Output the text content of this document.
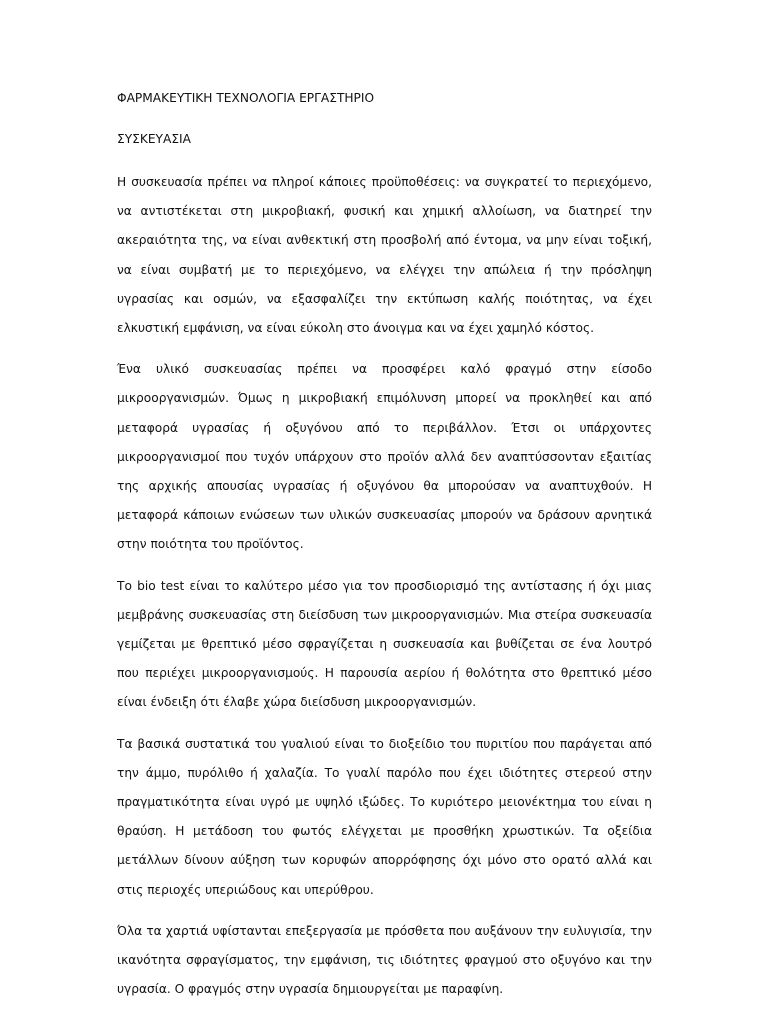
ΦΑΡΜΑΚΕΥΤΙΚΗ ΤΕΧΝΟΛΟΓΙΑ ΕΡΓΑΣΤΗΡΙΟ
ΣΥΣΚΕΥΑΣΙΑ

Η συσκευασία πρέπει να πληροί κάποιες προϋποθέσεις: να συγκρατεί το περιεχόμενο, να αντιστέκεται στη μικροβιακή, φυσική και χημική αλλοίωση, να διατηρεί την ακεραιότητα της, να είναι ανθεκτική στη προσβολή από έντομα, να μην είναι τοξική, να είναι συμβατή με το περιεχόμενο, να ελέγχει την απώλεια ή την πρόσληψη υγρασίας και οσμών, να εξασφαλίζει την εκτύπωση καλής ποιότητας, να έχει ελκυστική εμφάνιση, να είναι εύκολη στο άνοιγμα και να έχει χαμηλό κόστος.

Ένα υλικό συσκευασίας πρέπει να προσφέρει καλό φραγμό στην είσοδο μικροοργανισμών. Όμως η μικροβιακή επιμόλυνση μπορεί να προκληθεί και από μεταφορά υγρασίας ή οξυγόνου από το περιβάλλον. Έτσι οι υπάρχοντες μικροοργανισμοί που τυχόν υπάρχουν στο προϊόν αλλά δεν αναπτύσσονταν εξαιτίας της αρχικής απουσίας υγρασίας ή οξυγόνου θα μπορούσαν να αναπτυχθούν. Η μεταφορά κάποιων ενώσεων των υλικών συσκευασίας μπορούν να δράσουν αρνητικά στην ποιότητα του προϊόντος.

Το bio test είναι το καλύτερο μέσο για τον προσδιορισμό της αντίστασης ή όχι μιας μεμβράνης συσκευασίας στη διείσδυση των μικροοργανισμών. Μια στείρα συσκευασία γεμίζεται με θρεπτικό μέσο σφραγίζεται η συσκευασία και βυθίζεται σε ένα λουτρό που περιέχει μικροοργανισμούς. Η παρουσία αερίου ή θολότητα στο θρεπτικό μέσο είναι ένδειξη ότι έλαβε χώρα διείσδυση μικροοργανισμών.

Τα βασικά συστατικά του γυαλιού είναι το διοξείδιο του πυριτίου που παράγεται από την άμμο, πυρόλιθο ή χαλαζία. Το γυαλί παρόλο που έχει ιδιότητες στερεού στην πραγματικότητα είναι υγρό με υψηλό ιξώδες. Το κυριότερο μειονέκτημα του είναι η θραύση. Η μετάδοση του φωτός ελέγχεται με προσθήκη χρωστικών. Τα οξείδια μετάλλων δίνουν αύξηση των κορυφών απορρόφησης όχι μόνο στο ορατό αλλά και στις περιοχές υπεριώδους και υπερύθρου.

Όλα τα χαρτιά υφίστανται επεξεργασία με πρόσθετα που αυξάνουν την ευλυγισία, την ικανότητα σφραγίσματος, την εμφάνιση, τις ιδιότητες φραγμού στο οξυγόνο και την υγρασία. Ο φραγμός στην υγρασία δημιουργείται με παραφίνη.
